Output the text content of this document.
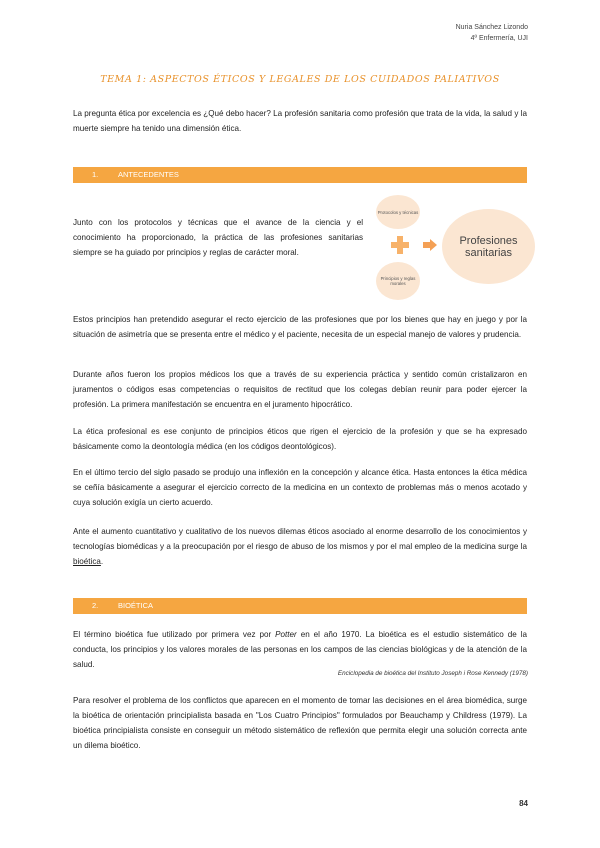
Nuria Sánchez Lizondo
4º Enfermería, UJI
TEMA 1: ASPECTOS ÉTICOS Y LEGALES DE LOS CUIDADOS PALIATIVOS

La pregunta ética por excelencia es ¿Qué debo hacer? La profesión sanitaria como profesión que trata de la vida, la salud y la muerte siempre ha tenido una dimensión ética.

1.	ANTECEDENTES

Junto con los protocolos y técnicas que el avance de la ciencia y el conocimiento ha proporcionado, la práctica de las profesiones sanitarias siempre se ha guiado por principios y reglas de carácter moral.

Protocolos y técnicas
Principios y reglas morales
Profesiones sanitarias

Estos principios han pretendido asegurar el recto ejercicio de las profesiones que por los bienes que hay en juego y por la situación de asimetría que se presenta entre el médico y el paciente, necesita de un especial manejo de valores y prudencia.

Durante años fueron los propios médicos los que a través de su experiencia práctica y sentido común cristalizaron en juramentos o códigos esas competencias o requisitos de rectitud que los colegas debían reunir para poder ejercer la profesión. La primera manifestación se encuentra en el juramento hipocrático.

La ética profesional es ese conjunto de principios éticos que rigen el ejercicio de la profesión y que se ha expresado básicamente como la deontología médica (en los códigos deontológicos).

En el último tercio del siglo pasado se produjo una inflexión en la concepción y alcance ética. Hasta entonces la ética médica se ceñía básicamente a asegurar el ejercicio correcto de la medicina en un contexto de problemas más o menos acotado y cuya solución exigía un cierto acuerdo.

Ante el aumento cuantitativo y cualitativo de los nuevos dilemas éticos asociado al enorme desarrollo de los conocimientos y tecnologías biomédicas y a la preocupación por el riesgo de abuso de los mismos y por el mal empleo de la medicina surge la bioética.

2.	BIOÉTICA

El término bioética fue utilizado por primera vez por Potter en el año 1970. La bioética es el estudio sistemático de la conducta, los principios y los valores morales de las personas en los campos de las ciencias biológicas y de la atención de la salud.

Enciclopedia de bioética del Instituto Joseph i Rose Kennedy (1978)

Para resolver el problema de los conflictos que aparecen en el momento de tomar las decisiones en el área biomédica, surge la bioética de orientación principialista basada en "Los Cuatro Principios" formulados por Beauchamp y Childress (1979). La bioética principialista consiste en conseguir un método sistemático de reflexión que permita elegir una solución correcta ante un dilema bioético.

84
